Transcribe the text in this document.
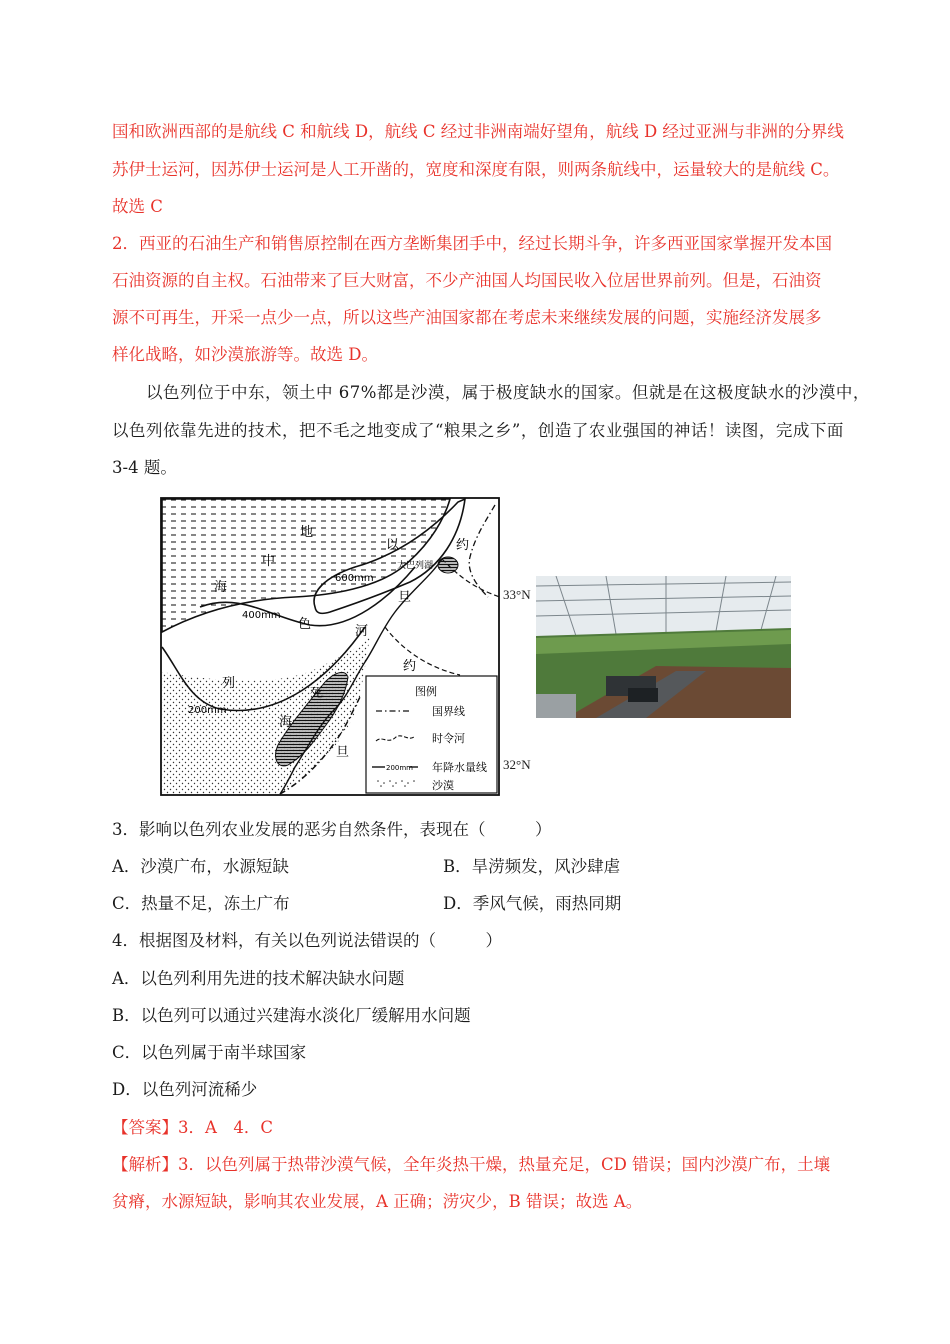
国和欧洲西部的是航线 C 和航线 D，航线 C 经过非洲南端好望角，航线 D 经过亚洲与非洲的分界线
苏伊士运河，因苏伊士运河是人工开凿的，宽度和深度有限，则两条航线中，运量较大的是航线 C。
故选 C
2．西亚的石油生产和销售原控制在西方垄断集团手中，经过长期斗争，许多西亚国家掌握开发本国
石油资源的自主权。石油带来了巨大财富，不少产油国人均国民收入位居世界前列。但是，石油资
源不可再生，开采一点少一点，所以这些产油国家都在考虑未来继续发展的问题，实施经济发展多
样化战略，如沙漠旅游等。故选 D。
以色列位于中东，领土中 67%都是沙漠，属于极度缺水的国家。但就是在这极度缺水的沙漠中，
以色列依靠先进的技术，把不毛之地变成了“粮果之乡”，创造了农业强国的神话！读图，完成下面
3-4 题。
地
中
海
以
色
列
约
旦
河
约
旦
死
海
太巴列湖
600mm
400mm
200mm
图例
国界线
时令河
200mm 年降水量线
沙漠
33°N
32°N
3．影响以色列农业发展的恶劣自然条件，表现在（　　　）
A．沙漠广布，水源短缺	B．旱涝频发，风沙肆虐
C．热量不足，冻土广布	D．季风气候，雨热同期
4．根据图及材料，有关以色列说法错误的（　　　）
A．以色列利用先进的技术解决缺水问题
B．以色列可以通过兴建海水淡化厂缓解用水问题
C．以色列属于南半球国家
D．以色列河流稀少
【答案】3．A　4．C
【解析】3．以色列属于热带沙漠气候，全年炎热干燥，热量充足，CD 错误；国内沙漠广布，土壤
贫瘠，水源短缺，影响其农业发展，A 正确；涝灾少，B 错误；故选 A。
